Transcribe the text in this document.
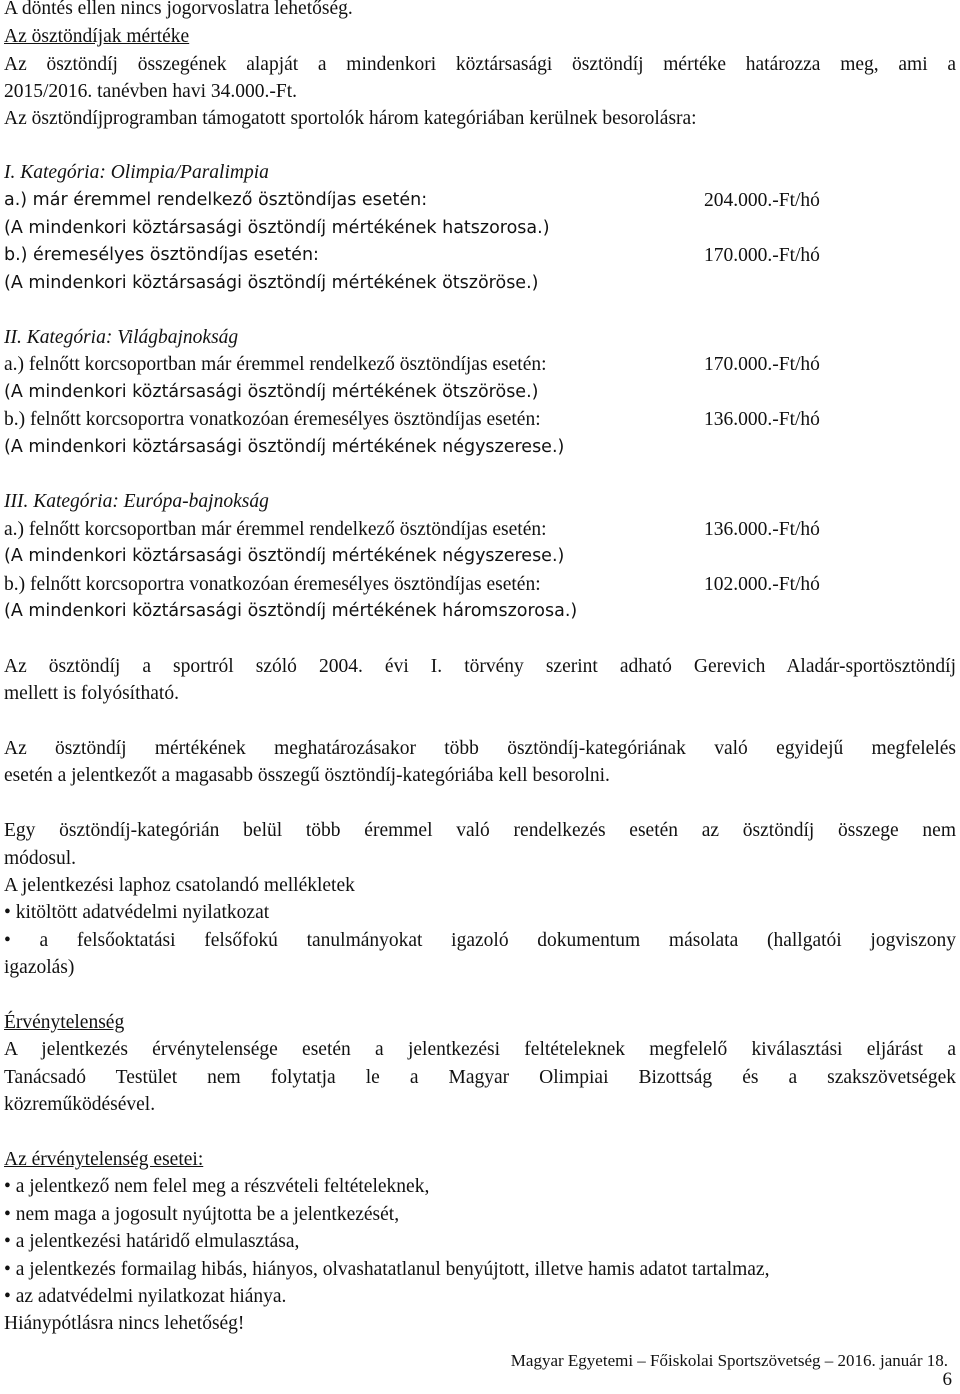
A döntés ellen nincs jogorvoslatra lehetőség.
Az ösztöndíjak mértéke
Az ösztöndíj összegének alapját a mindenkori köztársasági ösztöndíj mértéke határozza meg, ami a
2015/2016. tanévben havi 34.000.-Ft.
Az ösztöndíjprogramban támogatott sportolók három kategóriában kerülnek besorolásra:
I. Kategória: Olimpia/Paralimpia
a.) már éremmel rendelkező ösztöndíjas esetén:	204.000.-Ft/hó
(A mindenkori köztársasági ösztöndíj mértékének hatszorosa.)
b.) éremesélyes ösztöndíjas esetén:	170.000.-Ft/hó
(A mindenkori köztársasági ösztöndíj mértékének ötszöröse.)
II. Kategória: Világbajnokság
a.) felnőtt korcsoportban már éremmel rendelkező ösztöndíjas esetén:	170.000.-Ft/hó
(A mindenkori köztársasági ösztöndíj mértékének ötszöröse.)
b.) felnőtt korcsoportra vonatkozóan éremesélyes ösztöndíjas esetén:	136.000.-Ft/hó
(A mindenkori köztársasági ösztöndíj mértékének négyszerese.)
III. Kategória: Európa-bajnokság
a.) felnőtt korcsoportban már éremmel rendelkező ösztöndíjas esetén:	136.000.-Ft/hó
(A mindenkori köztársasági ösztöndíj mértékének négyszerese.)
b.) felnőtt korcsoportra vonatkozóan éremesélyes ösztöndíjas esetén:	102.000.-Ft/hó
(A mindenkori köztársasági ösztöndíj mértékének háromszorosa.)
Az ösztöndíj a sportról szóló 2004. évi I. törvény szerint adható Gerevich Aladár-sportösztöndíj
mellett is folyósítható.
Az ösztöndíj mértékének meghatározásakor több ösztöndíj-kategóriának való egyidejű megfelelés
esetén a jelentkezőt a magasabb összegű ösztöndíj-kategóriába kell besorolni.
Egy ösztöndíj-kategórián belül több éremmel való rendelkezés esetén az ösztöndíj összege nem
módosul.
A jelentkezési laphoz csatolandó mellékletek
• kitöltött adatvédelmi nyilatkozat
• a felsőoktatási felsőfokú tanulmányokat igazoló dokumentum másolata (hallgatói jogviszony
igazolás)
Érvénytelenség
A jelentkezés érvénytelensége esetén a jelentkezési feltételeknek megfelelő kiválasztási eljárást a
Tanácsadó Testület nem folytatja le a Magyar Olimpiai Bizottság és a szakszövetségek
közreműködésével.
Az érvénytelenség esetei:
• a jelentkező nem felel meg a részvételi feltételeknek,
• nem maga a jogosult nyújtotta be a jelentkezését,
• a jelentkezési határidő elmulasztása,
• a jelentkezés formailag hibás, hiányos, olvashatatlanul benyújtott, illetve hamis adatot tartalmaz,
• az adatvédelmi nyilatkozat hiánya.
Hiánypótlásra nincs lehetőség!
Magyar Egyetemi – Főiskolai Sportszövetség – 2016. január 18.
6
